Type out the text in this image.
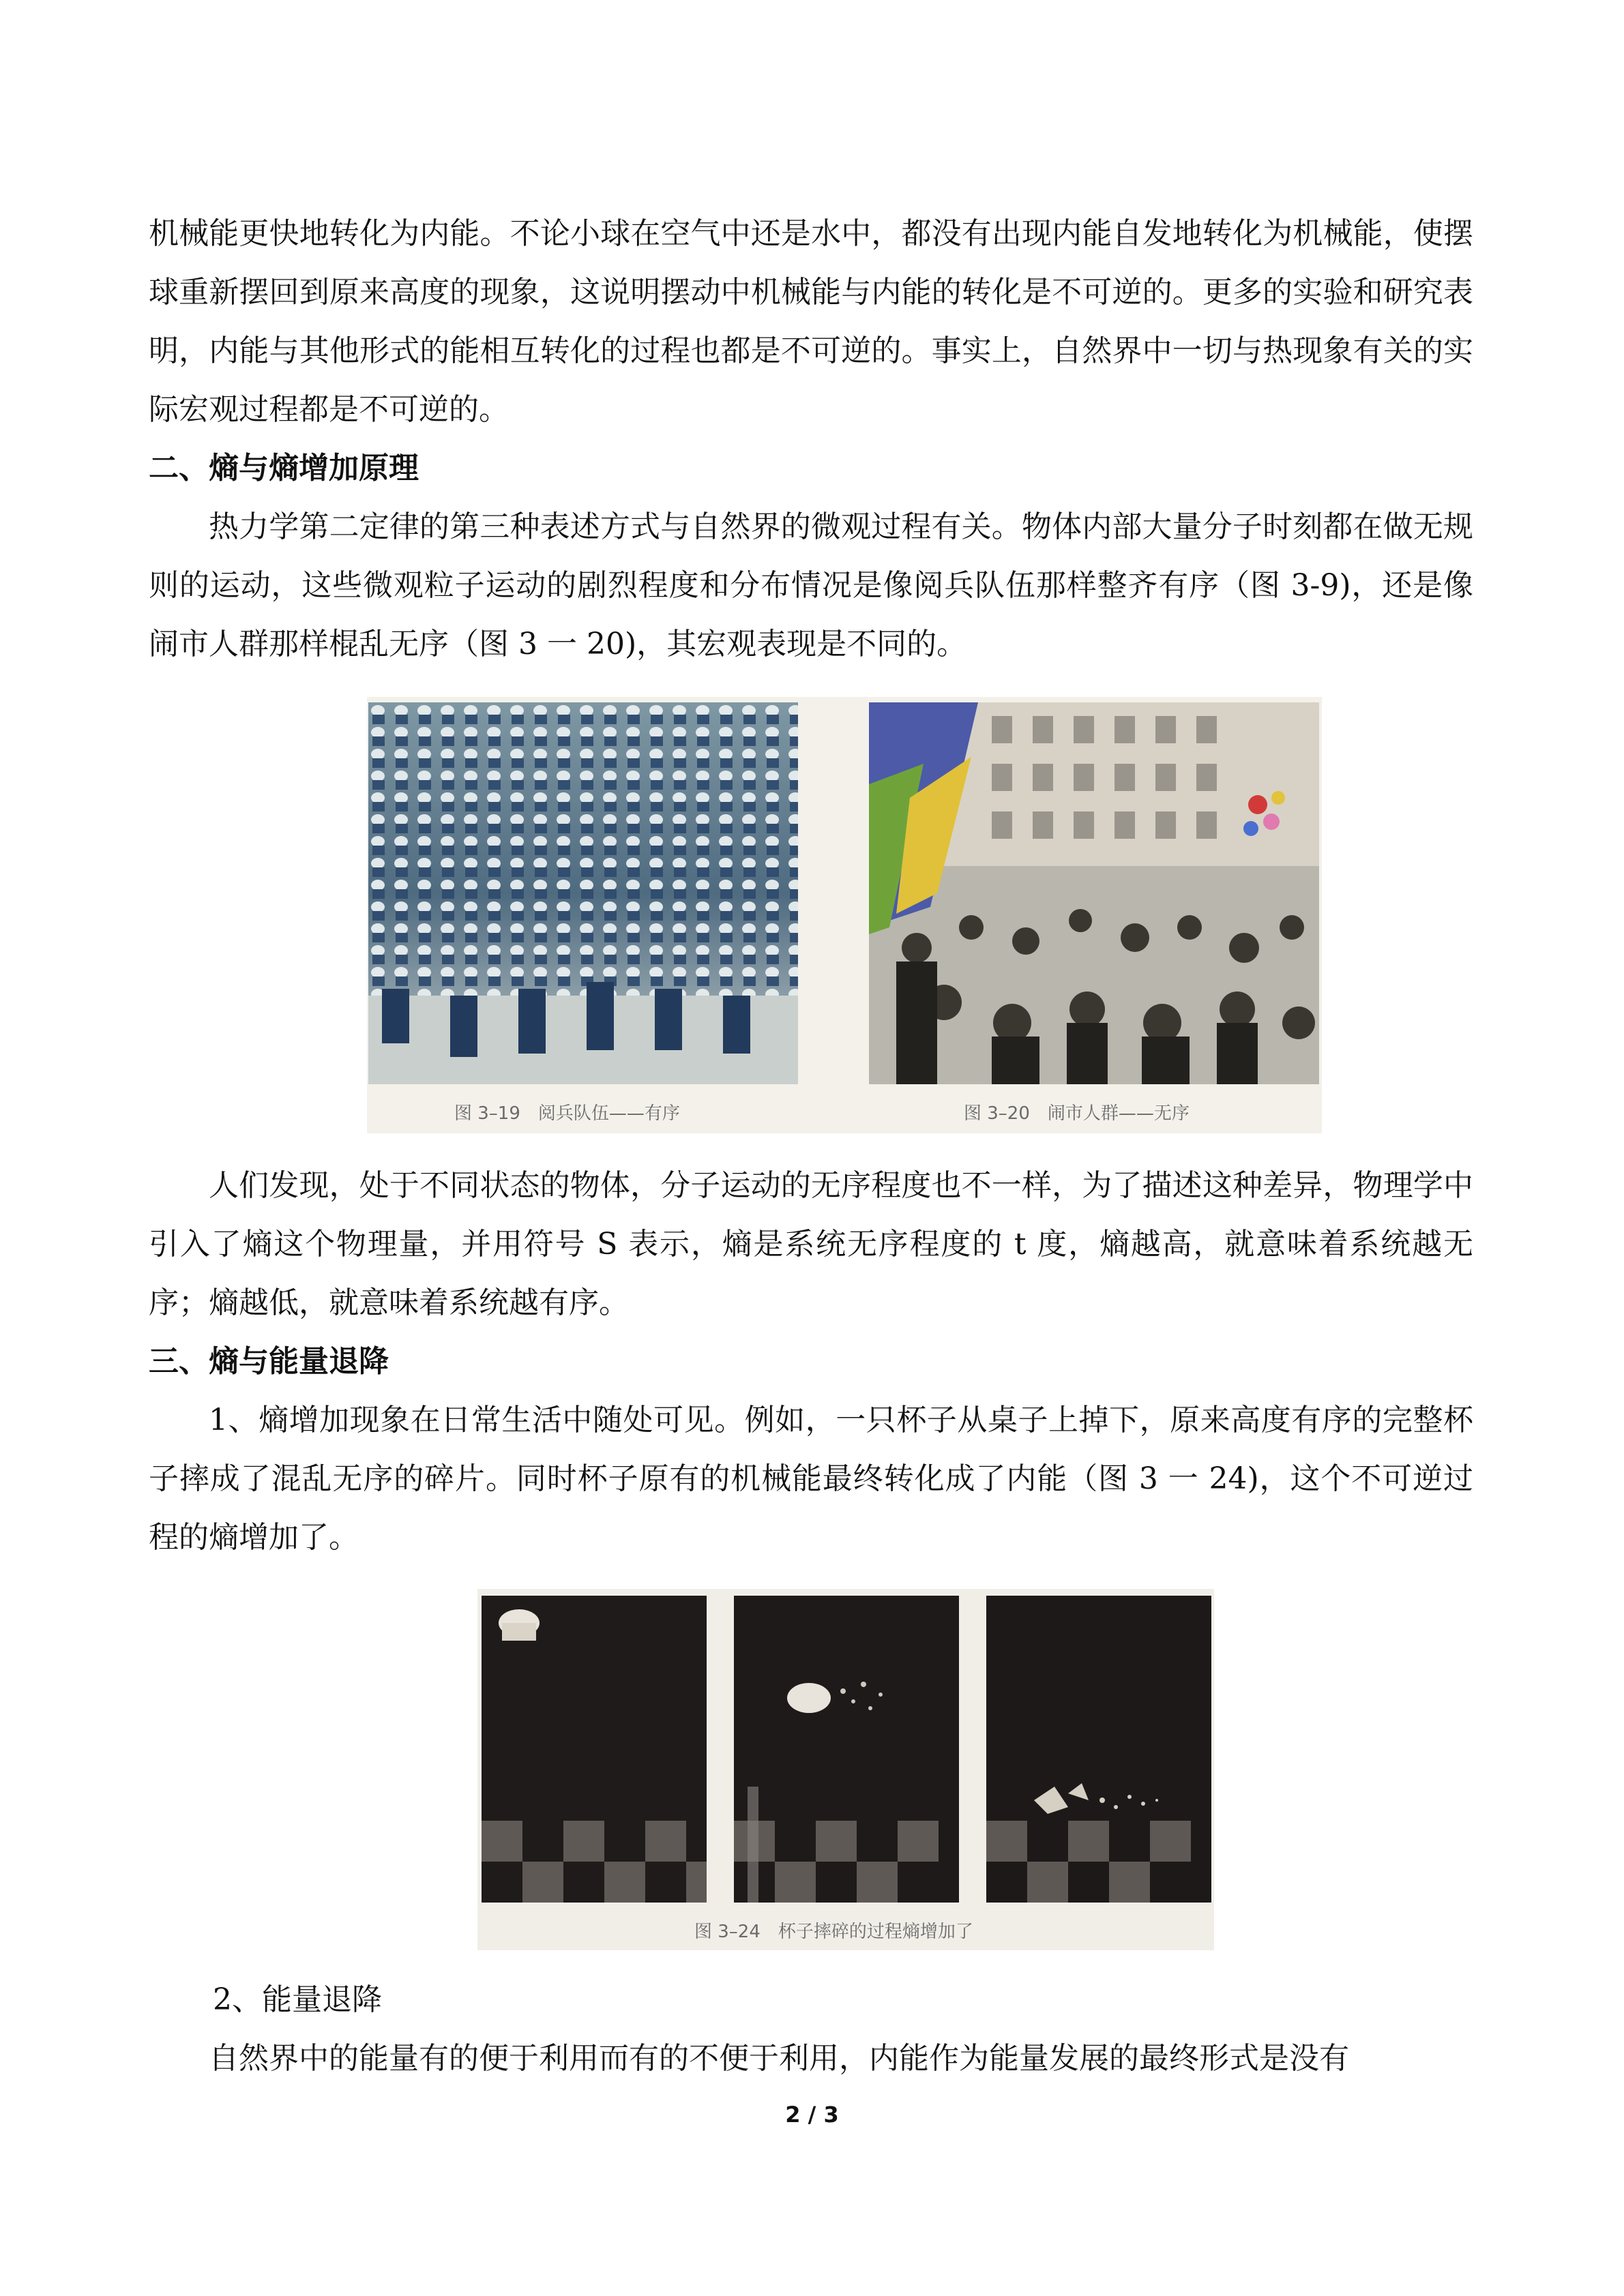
机械能更快地转化为内能。不论小球在空气中还是水中，都没有出现内能自发地转化为机械能，使摆球重新摆回到原来高度的现象，这说明摆动中机械能与内能的转化是不可逆的。更多的实验和研究表明，内能与其他形式的能相互转化的过程也都是不可逆的。事实上，自然界中一切与热现象有关的实际宏观过程都是不可逆的。

二、熵与熵增加原理

热力学第二定律的第三种表述方式与自然界的微观过程有关。物体内部大量分子时刻都在做无规则的运动，这些微观粒子运动的剧烈程度和分布情况是像阅兵队伍那样整齐有序（图 3-9)，还是像闹市人群那样棍乱无序（图 3 一 20)，其宏观表现是不同的。

图 3–19　阅兵队伍——有序	图 3–20　闹市人群——无序

人们发现，处于不同状态的物体，分子运动的无序程度也不一样，为了描述这种差异，物理学中引入了熵这个物理量，并用符号 S 表示，熵是系统无序程度的 t 度，熵越高，就意味着系统越无序；熵越低，就意味着系统越有序。

三、熵与能量退降

1、熵增加现象在日常生活中随处可见。例如，一只杯子从桌子上掉下，原来高度有序的完整杯子摔成了混乱无序的碎片。同时杯子原有的机械能最终转化成了内能（图 3 一 24)，这个不可逆过程的熵增加了。

图 3–24　杯子摔碎的过程熵增加了

2、能量退降

自然界中的能量有的便于利用而有的不便于利用，内能作为能量发展的最终形式是没有

2 / 3
